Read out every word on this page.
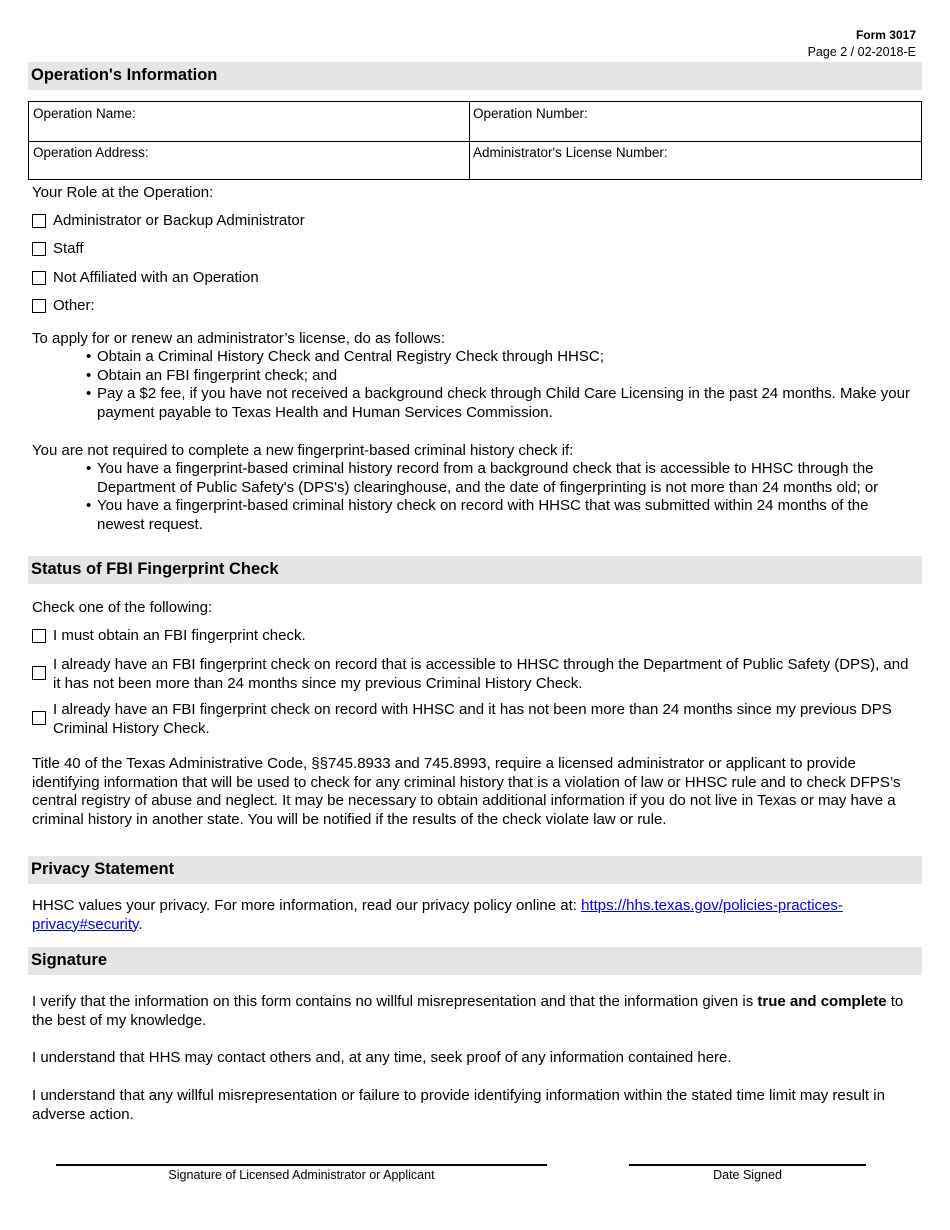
Form 3017
Page 2 / 02-2018-E
Operation's Information
Operation Name:	Operation Number:
Operation Address:	Administrator's License Number:
Your Role at the Operation:
Administrator or Backup Administrator
Staff
Not Affiliated with an Operation
Other:
To apply for or renew an administrator’s license, do as follows:
• Obtain a Criminal History Check and Central Registry Check through HHSC;
• Obtain an FBI fingerprint check; and
• Pay a $2 fee, if you have not received a background check through Child Care Licensing in the past 24 months. Make your payment payable to Texas Health and Human Services Commission.
You are not required to complete a new fingerprint-based criminal history check if:
• You have a fingerprint-based criminal history record from a background check that is accessible to HHSC through the Department of Public Safety's (DPS's) clearinghouse, and the date of fingerprinting is not more than 24 months old; or
• You have a fingerprint-based criminal history check on record with HHSC that was submitted within 24 months of the newest request.
Status of FBI Fingerprint Check
Check one of the following:
I must obtain an FBI fingerprint check.
I already have an FBI fingerprint check on record that is accessible to HHSC through the Department of Public Safety (DPS), and it has not been more than 24 months since my previous Criminal History Check.
I already have an FBI fingerprint check on record with HHSC and it has not been more than 24 months since my previous DPS Criminal History Check.
Title 40 of the Texas Administrative Code, §§745.8933 and 745.8993, require a licensed administrator or applicant to provide identifying information that will be used to check for any criminal history that is a violation of law or HHSC rule and to check DFPS’s central registry of abuse and neglect. It may be necessary to obtain additional information if you do not live in Texas or may have a criminal history in another state. You will be notified if the results of the check violate law or rule.
Privacy Statement
HHSC values your privacy. For more information, read our privacy policy online at: https://hhs.texas.gov/policies-practices-privacy#security.
Signature
I verify that the information on this form contains no willful misrepresentation and that the information given is true and complete to the best of my knowledge.
I understand that HHS may contact others and, at any time, seek proof of any information contained here.
I understand that any willful misrepresentation or failure to provide identifying information within the stated time limit may result in adverse action.
Signature of Licensed Administrator or Applicant	Date Signed
